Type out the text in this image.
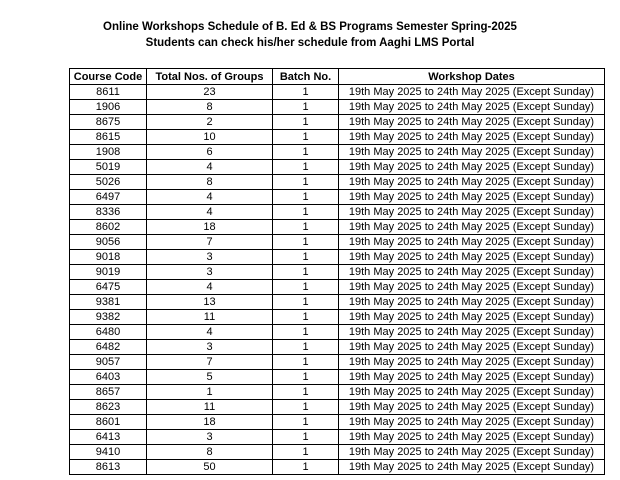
Online Workshops Schedule of B. Ed & BS Programs Semester Spring-2025
Students can check his/her schedule from Aaghi LMS Portal
Course Code	Total Nos. of Groups	Batch No.	Workshop Dates
8611	23	1	19th May 2025 to 24th May 2025 (Except Sunday)
1906	8	1	19th May 2025 to 24th May 2025 (Except Sunday)
8675	2	1	19th May 2025 to 24th May 2025 (Except Sunday)
8615	10	1	19th May 2025 to 24th May 2025 (Except Sunday)
1908	6	1	19th May 2025 to 24th May 2025 (Except Sunday)
5019	4	1	19th May 2025 to 24th May 2025 (Except Sunday)
5026	8	1	19th May 2025 to 24th May 2025 (Except Sunday)
6497	4	1	19th May 2025 to 24th May 2025 (Except Sunday)
8336	4	1	19th May 2025 to 24th May 2025 (Except Sunday)
8602	18	1	19th May 2025 to 24th May 2025 (Except Sunday)
9056	7	1	19th May 2025 to 24th May 2025 (Except Sunday)
9018	3	1	19th May 2025 to 24th May 2025 (Except Sunday)
9019	3	1	19th May 2025 to 24th May 2025 (Except Sunday)
6475	4	1	19th May 2025 to 24th May 2025 (Except Sunday)
9381	13	1	19th May 2025 to 24th May 2025 (Except Sunday)
9382	11	1	19th May 2025 to 24th May 2025 (Except Sunday)
6480	4	1	19th May 2025 to 24th May 2025 (Except Sunday)
6482	3	1	19th May 2025 to 24th May 2025 (Except Sunday)
9057	7	1	19th May 2025 to 24th May 2025 (Except Sunday)
6403	5	1	19th May 2025 to 24th May 2025 (Except Sunday)
8657	1	1	19th May 2025 to 24th May 2025 (Except Sunday)
8623	11	1	19th May 2025 to 24th May 2025 (Except Sunday)
8601	18	1	19th May 2025 to 24th May 2025 (Except Sunday)
6413	3	1	19th May 2025 to 24th May 2025 (Except Sunday)
9410	8	1	19th May 2025 to 24th May 2025 (Except Sunday)
8613	50	1	19th May 2025 to 24th May 2025 (Except Sunday)
